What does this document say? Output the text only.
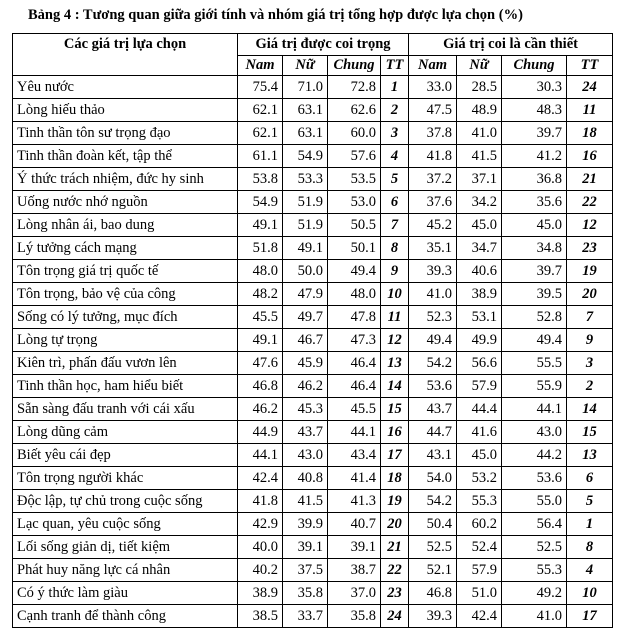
Bảng 4 : Tương quan giữa giới tính và nhóm giá trị tổng hợp được lựa chọn (%)
Các giá trị lựa chọn	Giá trị được coi trọng				Giá trị coi là cần thiết			
	Nam	Nữ	Chung	TT	Nam	Nữ	Chung	TT
Yêu nước	75.4	71.0	72.8	1	33.0	28.5	30.3	24
Lòng hiếu thảo	62.1	63.1	62.6	2	47.5	48.9	48.3	11
Tinh thần tôn sư trọng đạo	62.1	63.1	60.0	3	37.8	41.0	39.7	18
Tinh thần đoàn kết, tập thể	61.1	54.9	57.6	4	41.8	41.5	41.2	16
Ý thức trách nhiệm, đức hy sinh	53.8	53.3	53.5	5	37.2	37.1	36.8	21
Uống nước nhớ nguồn	54.9	51.9	53.0	6	37.6	34.2	35.6	22
Lòng nhân ái, bao dung	49.1	51.9	50.5	7	45.2	45.0	45.0	12
Lý tưởng cách mạng	51.8	49.1	50.1	8	35.1	34.7	34.8	23
Tôn trọng giá trị quốc tế	48.0	50.0	49.4	9	39.3	40.6	39.7	19
Tôn trọng, bảo vệ của công	48.2	47.9	48.0	10	41.0	38.9	39.5	20
Sống có lý tưởng, mục đích	45.5	49.7	47.8	11	52.3	53.1	52.8	7
Lòng tự trọng	49.1	46.7	47.3	12	49.4	49.9	49.4	9
Kiên trì, phấn đấu vươn lên	47.6	45.9	46.4	13	54.2	56.6	55.5	3
Tinh thần học, ham hiểu biết	46.8	46.2	46.4	14	53.6	57.9	55.9	2
Sẵn sàng đấu tranh với cái xấu	46.2	45.3	45.5	15	43.7	44.4	44.1	14
Lòng dũng cảm	44.9	43.7	44.1	16	44.7	41.6	43.0	15
Biết yêu cái đẹp	44.1	43.0	43.4	17	43.1	45.0	44.2	13
Tôn trọng người khác	42.4	40.8	41.4	18	54.0	53.2	53.6	6
Độc lập, tự chủ trong cuộc sống	41.8	41.5	41.3	19	54.2	55.3	55.0	5
Lạc quan, yêu cuộc sống	42.9	39.9	40.7	20	50.4	60.2	56.4	1
Lối sống giản dị, tiết kiệm	40.0	39.1	39.1	21	52.5	52.4	52.5	8
Phát huy năng lực cá nhân	40.2	37.5	38.7	22	52.1	57.9	55.3	4
Có ý thức làm giàu	38.9	35.8	37.0	23	46.8	51.0	49.2	10
Cạnh tranh để thành công	38.5	33.7	35.8	24	39.3	42.4	41.0	17
